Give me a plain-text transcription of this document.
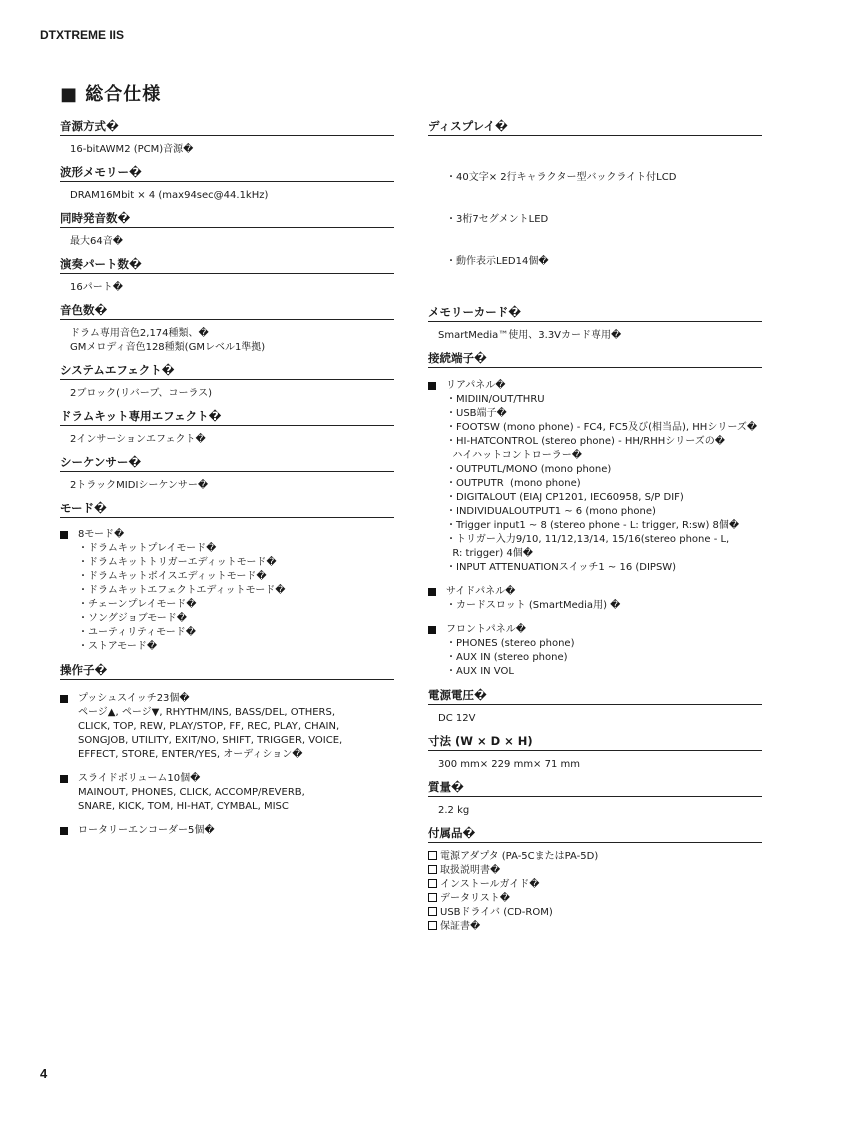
DTXTREME IIS
■ 総合仕様
音源方式�
16-bitAWM2 (PCM)音源�
波形メモリー�
DRAM16Mbit × 4 (max94sec@44.1kHz)
同時発音数�
最大64音�
演奏パート数�
16パート�
音色数�
ドラム専用音色2,174種類、�
GMメロディ音色128種類(GMレベル1準拠)
システムエフェクト�
2ブロック(リバーブ、コーラス)
ドラムキット専用エフェクト�
2インサーションエフェクト�
シーケンサー�
2トラックMIDIシーケンサー�
モード�
8モード�
・ドラムキットプレイモード�
・ドラムキットトリガーエディットモード�
・ドラムキットボイスエディットモード�
・ドラムキットエフェクトエディットモード�
・チェーンプレイモード�
・ソングジョブモード�
・ユーティリティモード�
・ストアモード�
操作子�
プッシュスイッチ23個�
ページ▲, ページ▼, RHYTHM/INS, BASS/DEL, OTHERS,
CLICK, TOP, REW, PLAY/STOP, FF, REC, PLAY, CHAIN,
SONGJOB, UTILITY, EXIT/NO, SHIFT, TRIGGER, VOICE,
EFFECT, STORE, ENTER/YES, オーディション�
スライドボリューム10個�
MAINOUT, PHONES, CLICK, ACCOMP/REVERB,
SNARE, KICK, TOM, HI-HAT, CYMBAL, MISC
ロータリーエンコーダー5個�
ディスプレイ�

・40文字× 2行キャラクター型バックライト付LCD

・3桁7セグメントLED

・動作表示LED14個�

メモリーカード�
SmartMedia™使用、3.3Vカード専用�
接続端子�
リアパネル�
・MIDIIN/OUT/THRU
・USB端子�
・FOOTSW (mono phone) - FC4, FC5及び(相当品), HHシリーズ�
・HI-HATCONTROL (stereo phone) - HH/RHHシリーズの�
ハイハットコントローラー�
・OUTPUTL/MONO (mono phone)
・OUTPUTR  (mono phone)
・DIGITALOUT (EIAJ CP1201, IEC60958, S/P DIF)
・INDIVIDUALOUTPUT1 ~ 6 (mono phone)
・Trigger input1 ~ 8 (stereo phone - L: trigger, R:sw) 8個�
・トリガー入力9/10, 11/12,13/14, 15/16(stereo phone - L,
R: trigger) 4個�
・INPUT ATTENUATIONスイッチ1 ~ 16 (DIPSW)
サイドパネル�
・カードスロット (SmartMedia用) �
フロントパネル�
・PHONES (stereo phone)
・AUX IN (stereo phone)
・AUX IN VOL
電源電圧�
DC 12V
寸法 (W × D × H)
300 mm× 229 mm× 71 mm
質量�
2.2 kg
付属品�
電源アダプタ (PA-5CまたはPA-5D)
取扱説明書�
インストールガイド�
データリスト�
USBドライバ (CD-ROM)
保証書�
4
